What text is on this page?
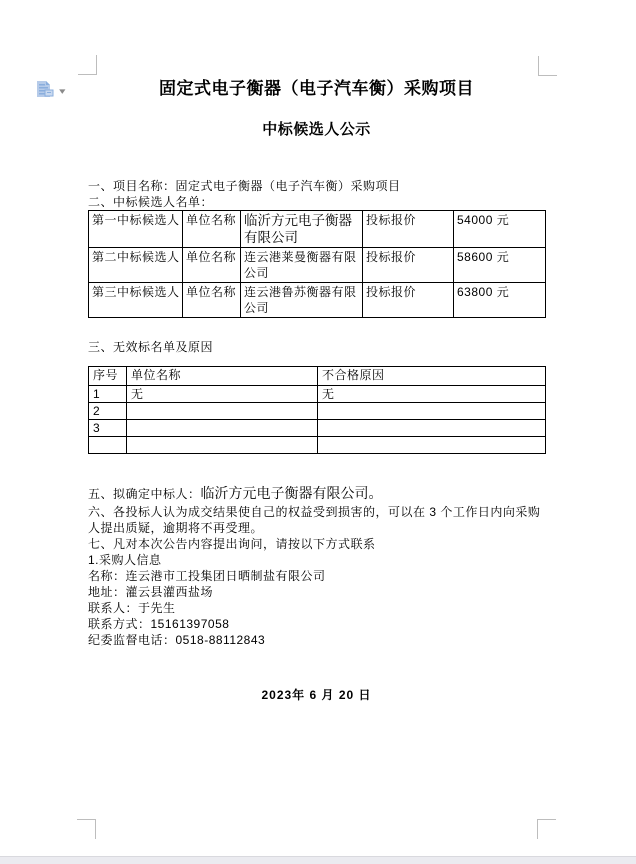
▾	固定式电子衡器（电子汽车衡）采购项目
中标候选人公示

一、项目名称：固定式电子衡器（电子汽车衡）采购项目

二、中标候选人名单：

第一中标候选人	单位名称	临沂方元电子衡器有限公司	投标报价	54000 元
第二中标候选人	单位名称	连云港莱曼衡器有限公司	投标报价	58600 元
第三中标候选人	单位名称	连云港鲁苏衡器有限公司	投标报价	63800 元

三、无效标名单及原因

序号	单位名称	不合格原因
1	无	无
2		
3		

五、拟确定中标人：临沂方元电子衡器有限公司。

六、各投标人认为成交结果使自己的权益受到损害的，可以在 3 个工作日内向采购人提出质疑，逾期将不再受理。

七、凡对本次公告内容提出询问，请按以下方式联系

1.采购人信息

名称：连云港市工投集团日晒制盐有限公司

地址：灌云县灌西盐场

联系人：于先生

联系方式：15161397058

纪委监督电话：0518-88112843

2023年 6 月 20 日
